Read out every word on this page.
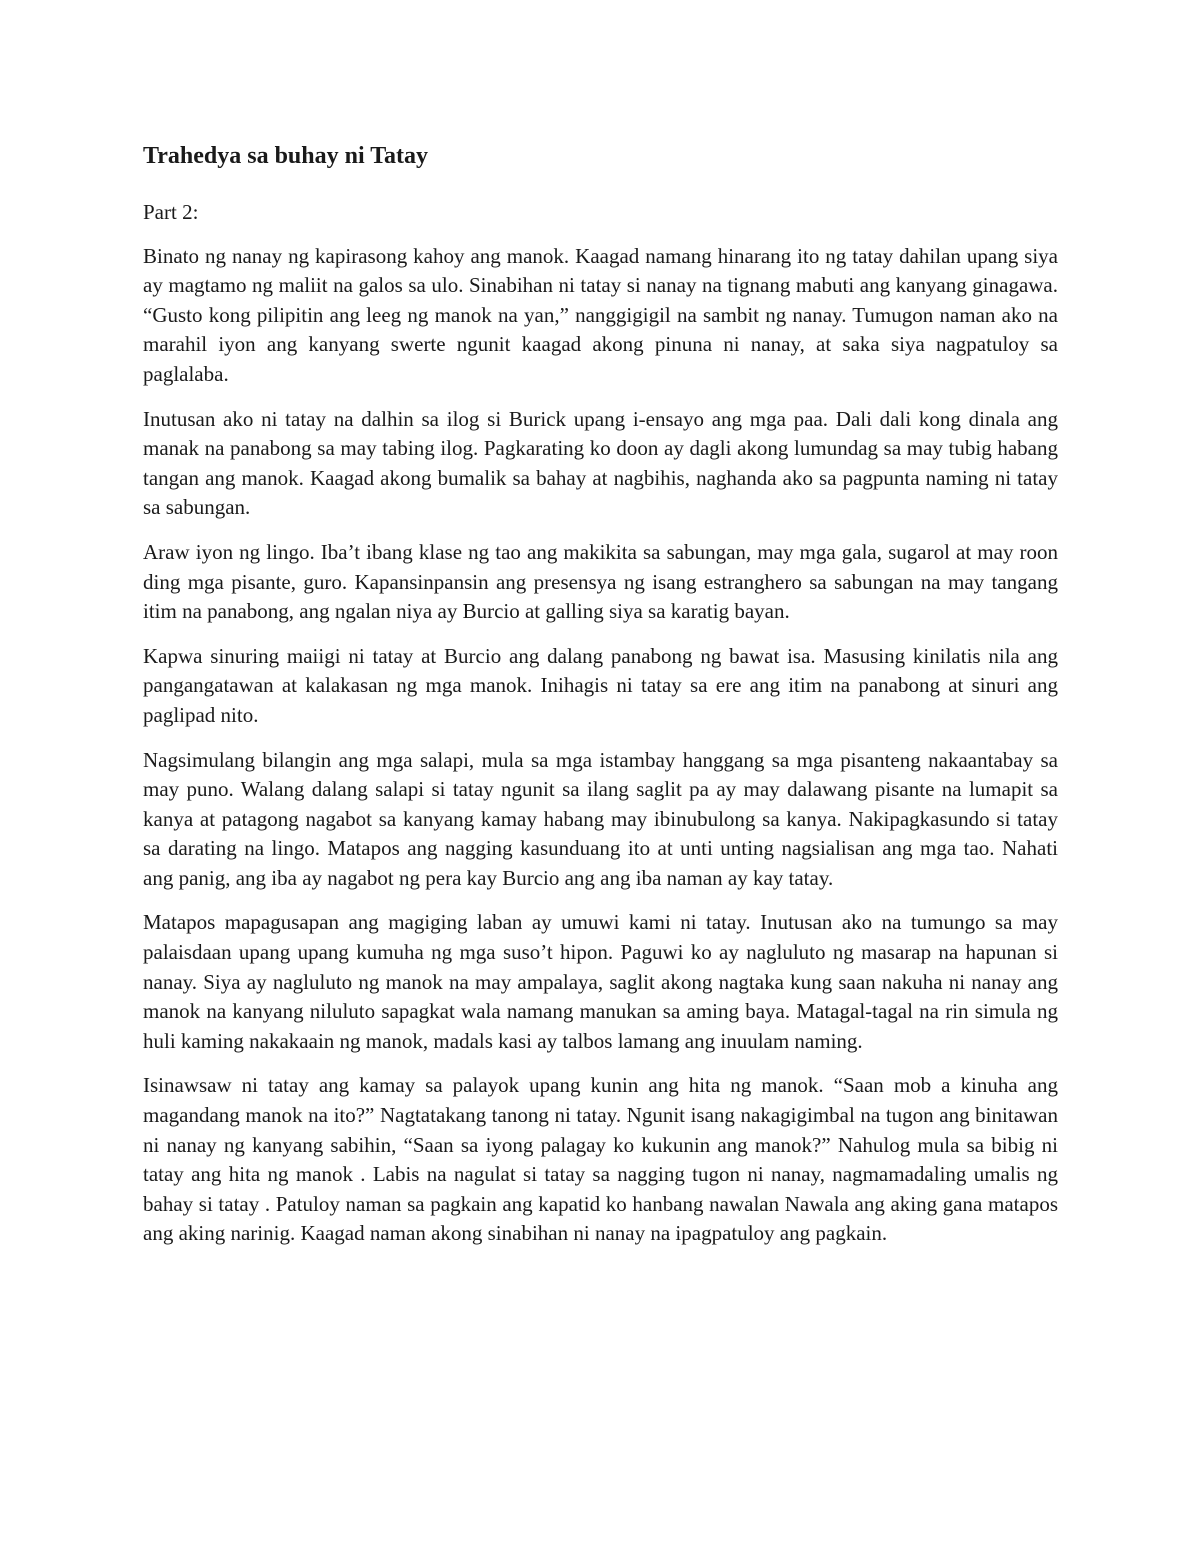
Trahedya sa buhay ni Tatay
Part 2:

Binato ng nanay ng kapirasong kahoy ang manok. Kaagad namang hinarang ito ng tatay dahilan upang siya ay magtamo ng maliit na galos sa ulo. Sinabihan ni tatay si nanay na tignang mabuti ang kanyang ginagawa. “Gusto kong pilipitin ang leeg ng manok na yan,” nanggigigil na sambit ng nanay. Tumugon naman ako na marahil iyon ang kanyang swerte ngunit kaagad akong pinuna ni nanay, at saka siya nagpatuloy sa paglalaba.

Inutusan ako ni tatay na dalhin sa ilog si Burick upang i-ensayo ang mga paa. Dali dali kong dinala ang manak na panabong sa may tabing ilog. Pagkarating ko doon ay dagli akong lumundag sa may tubig habang tangan ang manok. Kaagad akong bumalik sa bahay at nagbihis, naghanda ako sa pagpunta naming ni tatay sa sabungan.

Araw iyon ng lingo. Iba’t ibang klase ng tao ang makikita sa sabungan, may mga gala, sugarol at may roon ding mga pisante, guro. Kapansinpansin ang presensya ng isang estranghero sa sabungan na may tangang itim na panabong, ang ngalan niya ay Burcio at galling siya sa karatig bayan.

Kapwa sinuring maiigi ni tatay at Burcio ang dalang panabong ng bawat isa. Masusing kinilatis nila ang pangangatawan at kalakasan ng mga manok. Inihagis ni tatay sa ere ang itim na panabong at sinuri ang paglipad nito.

Nagsimulang bilangin ang mga salapi, mula sa mga istambay hanggang sa mga pisanteng nakaantabay sa may puno. Walang dalang salapi si tatay ngunit sa ilang saglit pa ay may dalawang pisante na lumapit sa kanya at patagong nagabot sa kanyang kamay habang may ibinubulong sa kanya. Nakipagkasundo si tatay sa darating na lingo. Matapos ang nagging kasunduang ito at unti unting nagsialisan ang mga tao. Nahati ang panig, ang iba ay nagabot ng pera kay Burcio ang ang iba naman ay kay tatay.

Matapos mapagusapan ang magiging laban ay umuwi kami ni tatay. Inutusan ako na tumungo sa may palaisdaan upang upang kumuha ng mga suso’t hipon. Paguwi ko ay nagluluto ng masarap na hapunan si nanay. Siya ay nagluluto ng manok na may ampalaya, saglit akong nagtaka kung saan nakuha ni nanay ang manok na kanyang niluluto sapagkat wala namang manukan sa aming baya. Matagal-tagal na rin simula ng huli kaming nakakaain ng manok, madals kasi ay talbos lamang ang inuulam naming.

Isinawsaw ni tatay ang kamay sa palayok upang kunin ang hita ng manok. “Saan mob a kinuha ang magandang manok na ito?” Nagtatakang tanong ni tatay. Ngunit isang nakagigimbal na tugon ang binitawan ni nanay ng kanyang sabihin, “Saan sa iyong palagay ko kukunin ang manok?” Nahulog mula sa bibig ni tatay ang hita ng manok . Labis na nagulat si tatay sa nagging tugon ni nanay, nagmamadaling umalis ng bahay si tatay . Patuloy naman sa pagkain ang kapatid ko hanbang nawalan Nawala ang aking gana matapos ang aking narinig. Kaagad naman akong sinabihan ni nanay na ipagpatuloy ang pagkain.
